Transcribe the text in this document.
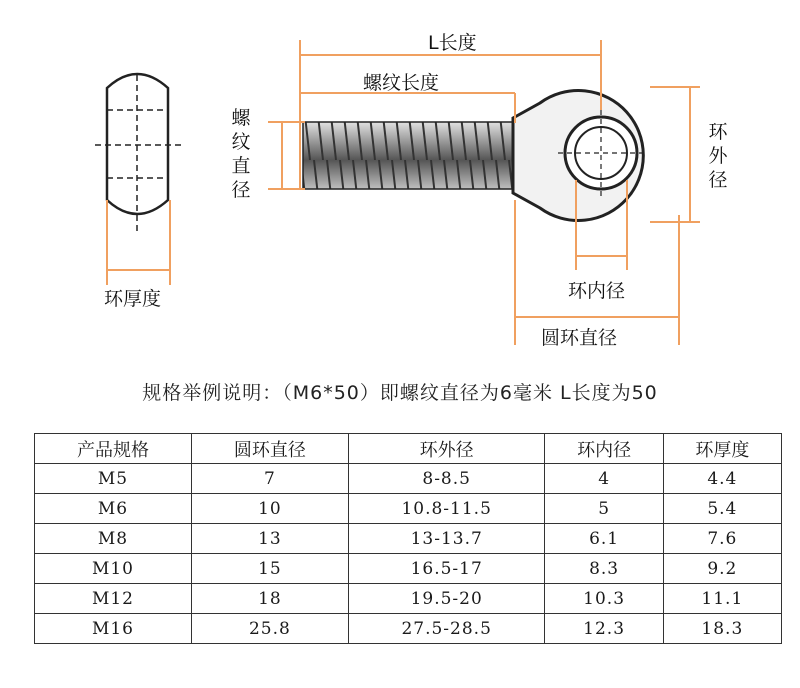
L长度
螺纹长度
螺
纹
直
径
环
外
径
环内径
圆环直径
环厚度
规格举例说明：（M6*50）即螺纹直径为6毫米 L长度为50
产品规格	圆环直径	环外径	环内径	环厚度
M5	7	8-8.5	4	4.4
M6	10	10.8-11.5	5	5.4
M8	13	13-13.7	6.1	7.6
M10	15	16.5-17	8.3	9.2
M12	18	19.5-20	10.3	11.1
M16	25.8	27.5-28.5	12.3	18.3
